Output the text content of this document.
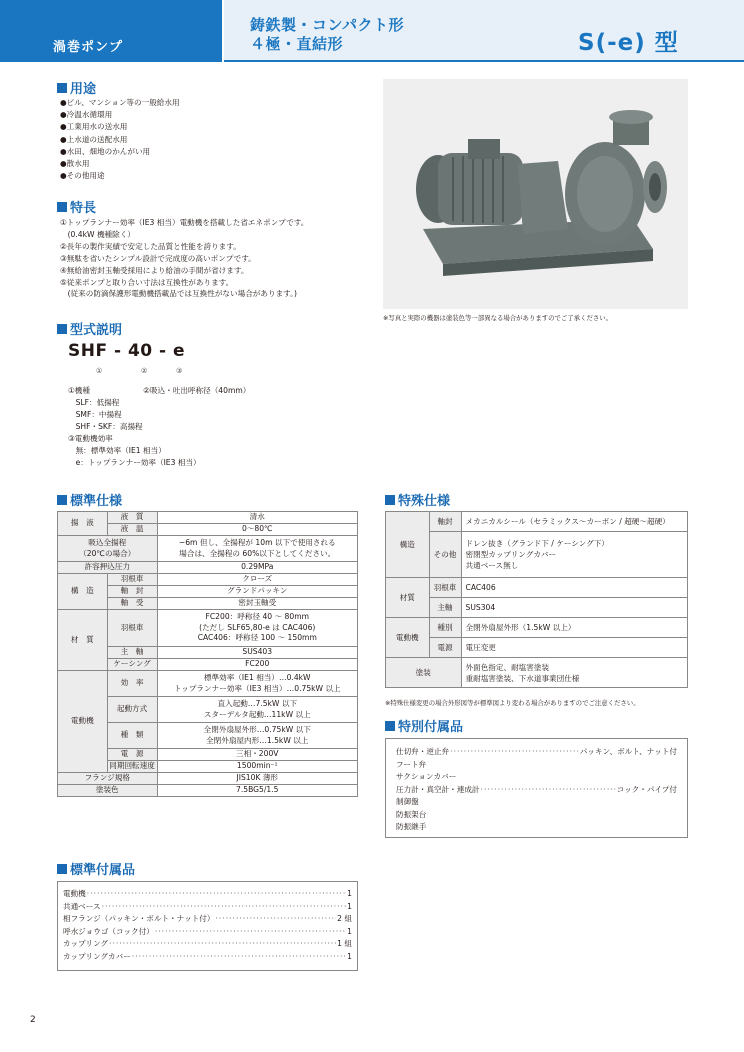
渦巻ポンプ
鋳鉄製・コンパクト形
４極・直結形	S(-e) 型
用途
●ビル、マンション等の一般給水用
●冷温水循環用
●工業用水の送水用
●上水道の送配水用
●水田、畑地のかんがい用
●散水用
●その他用途
特長
①トップランナー効率（IE3 相当）電動機を搭載した省エネポンプです。
　(0.4kW 機種除く）
②長年の製作実績で安定した品質と性能を誇ります。
③無駄を省いたシンプル設計で完成度の高いポンプです。
④無給油密封玉軸受採用により給油の手間が省けます。
⑤従来ポンプと取り合い寸法は互換性があります。
　(従来の防滴保護形電動機搭載品では互換性がない場合があります。)
※写真と実際の機器は塗装色等一部異なる場合がありますのでご了承ください。
型式説明
SHF - 40 - e
①	②	③
①機種　　　　　　　②吸込・吐出呼称径（40mm）
　SLF：低揚程
　SMF：中揚程
　SHF・SKF：高揚程
③電動機効率
　無：標準効率（IE1 相当）
　e：トップランナー効率（IE3 相当）
標準仕様
揚　液	液　質	清水
	液　温	0〜80℃
吸込全揚程
（20℃の場合）		−6m 但し、全揚程が 10m 以下で使用される
場合は、全揚程の 60%以下としてください。
許容押込圧力		0.29MPa
構　造	羽根車	クローズ
	軸　封	グランドパッキン
	軸　受	密封玉軸受
材　質	羽根車	FC200：呼称径 40 〜 80mm
(ただし SLF65,80-e は CAC406)
CAC406：呼称径 100 〜 150mm
	主　軸	SUS403
	ケーシング	FC200
電動機	効　率	標準効率（IE1 相当）…0.4kW
トップランナー効率（IE3 相当）…0.75kW 以上
	起動方式	直入起動…7.5kW 以下
スターデルタ起動…11kW 以上
	種　類	全閉外扇屋外形…0.75kW 以下
全閉外扇屋内形…1.5kW 以上
	電　源	三相・200V
	同期回転速度	1500min⁻¹
フランジ規格		JIS10K 薄形
塗装色		7.5BG5/1.5
特殊仕様
構造	軸封	メカニカルシール（セラミックス〜カーボン / 超硬〜超硬）
	その他	ドレン抜き（グランド下 / ケーシング下）
密閉型カップリングカバー
共通ベース無し
材質	羽根車	CAC406
	主軸	SUS304
電動機	種別	全閉外扇屋外形（1.5kW 以上）
	電源	電圧変更
塗装		外面色指定、耐塩害塗装
重耐塩害塗装、下水道事業団仕様
※特殊仕様変更の場合外形図等が標準図より変わる場合がありますのでご注意ください。
特別付属品
仕切弁・逆止弁 ·····	パッキン、ボルト、ナット付
フート弁
サクションカバー
圧力計・真空計・連成計 ·····	コック・パイプ付
制御盤
防振架台
防振継手
標準付属品
電動機 ·····	1
共通ベース ·····	1
相フランジ（パッキン・ボルト・ナット付） ·····	2 組
呼水ジョウゴ（コック付） ·····	1
カップリング ·····	1 組
カップリングカバー ·····	1
2
